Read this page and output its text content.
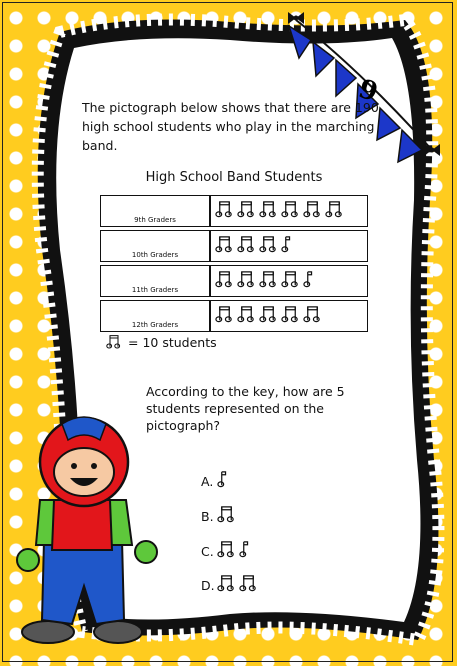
9
The pictograph below shows that there are 190 high school students who play in the marching band.
High School Band Students
9th Graders	
10th Graders	
11th Graders	
12th Graders	
= 10 students
According to the key, how are 5 students represented on the pictograph?
A.
B.
C.
D.
